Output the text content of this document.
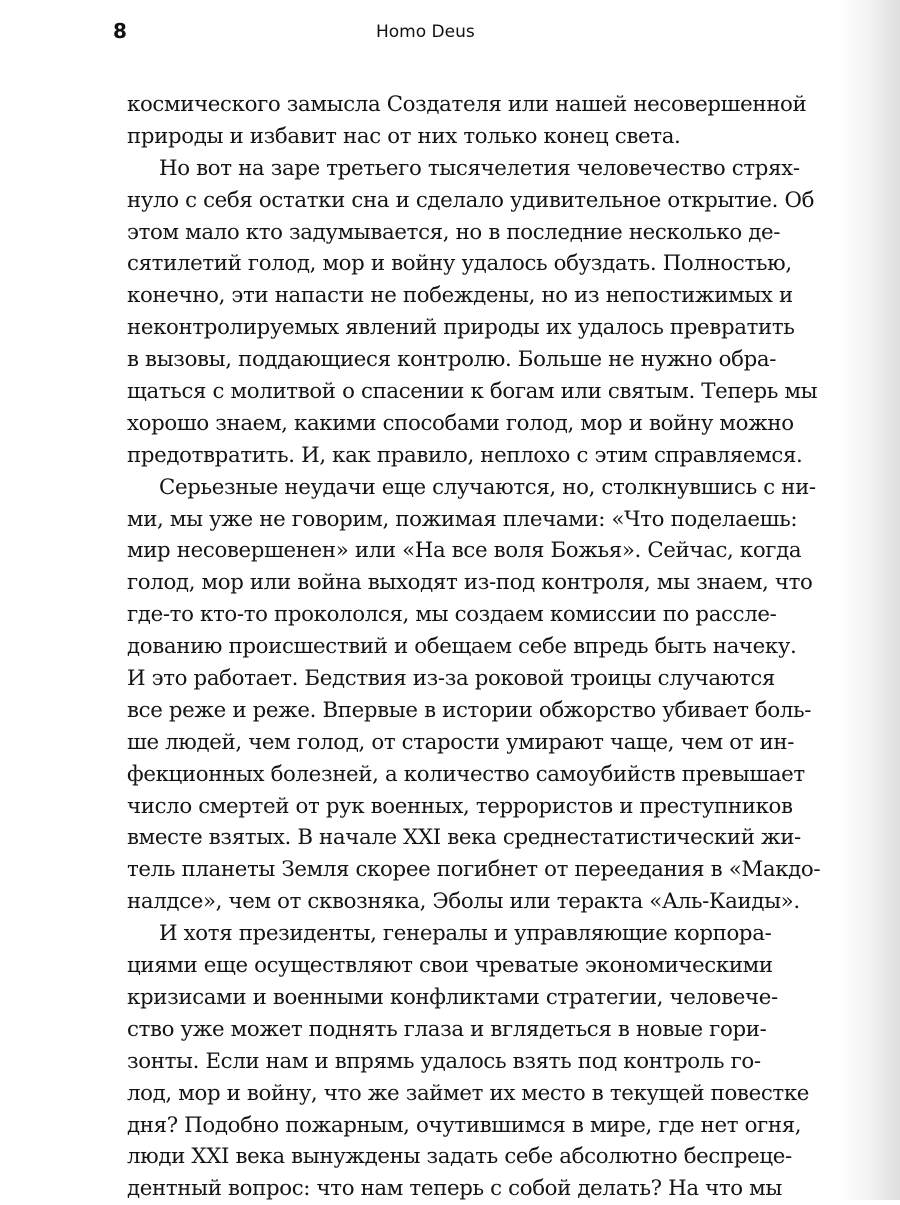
8	Homo Deus
космического замысла Создателя или нашей несовершенной
природы и избавит нас от них только конец света.
Но вот на заре третьего тысячелетия человечество стрях-
нуло с себя остатки сна и сделало удивительное открытие. Об
этом мало кто задумывается, но в последние несколько де-
сятилетий голод, мор и войну удалось обуздать. Полностью,
конечно, эти напасти не побеждены, но из непостижимых и
неконтролируемых явлений природы их удалось превратить
в вызовы, поддающиеся контролю. Больше не нужно обра-
щаться с молитвой о спасении к богам или святым. Теперь мы
хорошо знаем, какими способами голод, мор и войну можно
предотвратить. И, как правило, неплохо с этим справляемся.
Серьезные неудачи еще случаются, но, столкнувшись с ни-
ми, мы уже не говорим, пожимая плечами: «Что поделаешь:
мир несовершенен» или «На все воля Божья». Сейчас, когда
голод, мор или война выходят из-под контроля, мы знаем, что
где-то кто-то прокололся, мы создаем комиссии по рассле-
дованию происшествий и обещаем себе впредь быть начеку.
И это работает. Бедствия из-за роковой троицы случаются
все реже и реже. Впервые в истории обжорство убивает боль-
ше людей, чем голод, от старости умирают чаще, чем от ин-
фекционных болезней, а количество самоубийств превышает
число смертей от рук военных, террористов и преступников
вместе взятых. В начале XXI века среднестатистический жи-
тель планеты Земля скорее погибнет от переедания в «Макдо-
налдсе», чем от сквозняка, Эболы или теракта «Аль-Каиды».
И хотя президенты, генералы и управляющие корпора-
циями еще осуществляют свои чреватые экономическими
кризисами и военными конфликтами стратегии, человече-
ство уже может поднять глаза и вглядеться в новые гори-
зонты. Если нам и впрямь удалось взять под контроль го-
лод, мор и войну, что же займет их место в текущей повестке
дня? Подобно пожарным, очутившимся в мире, где нет огня,
люди XXI века вынуждены задать себе абсолютно беспреце-
дентный вопрос: что нам теперь с собой делать? На что мы
